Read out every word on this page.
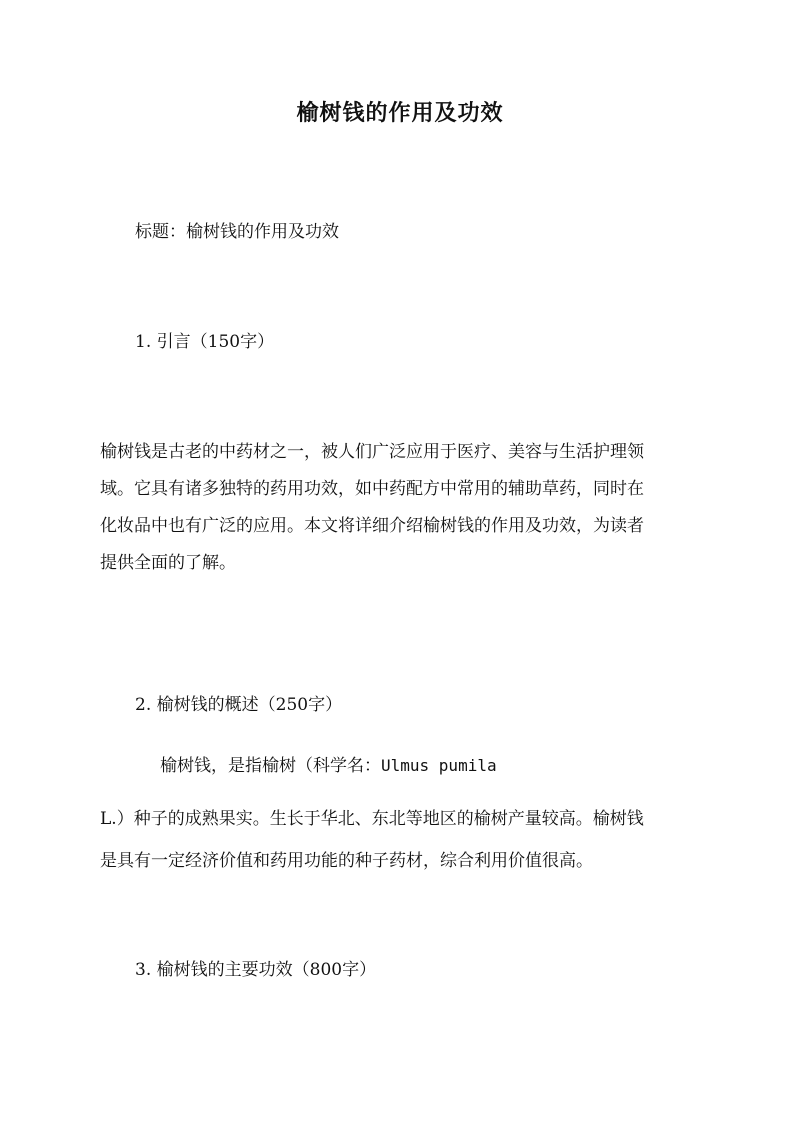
榆树钱的作用及功效
标题：榆树钱的作用及功效
1. 引言（150字）
榆树钱是古老的中药材之一，被人们广泛应用于医疗、美容与生活护理领
域。它具有诸多独特的药用功效，如中药配方中常用的辅助草药，同时在
化妆品中也有广泛的应用。本文将详细介绍榆树钱的作用及功效，为读者
提供全面的了解。
2. 榆树钱的概述（250字）
榆树钱，是指榆树（科学名：Ulmus pumila
L.）种子的成熟果实。生长于华北、东北等地区的榆树产量较高。榆树钱
是具有一定经济价值和药用功能的种子药材，综合利用价值很高。
3. 榆树钱的主要功效（800字）
